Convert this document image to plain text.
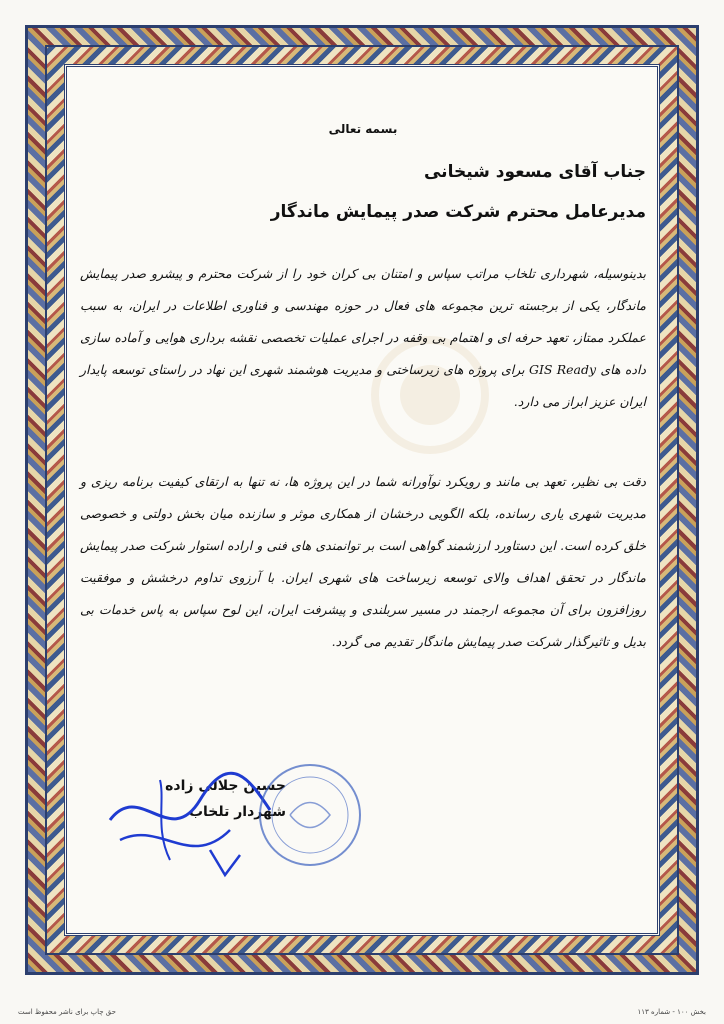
بسمه تعالی
جناب آقای مسعود شیخانی
مدیرعامل محترم شرکت صدر پیمایش ماندگار
بدینوسیله، شهرداری تلخاب مراتب سپاس و امتنان بی کران خود را از شرکت محترم و پیشرو صدر پیمایش ماندگار، یکی از برجسته ترین مجموعه های فعال در حوزه مهندسی و فناوری اطلاعات در ایران، به سبب عملکرد ممتاز، تعهد حرفه ای و اهتمام بی وقفه در اجرای عملیات تخصصی نقشه برداری هوایی و آماده سازی داده های GIS Ready برای پروژه های زیرساختی و مدیریت هوشمند شهری این نهاد در راستای توسعه پایدار ایران عزیز ابراز می دارد.
دقت بی نظیر، تعهد بی مانند و رویکرد نوآورانه شما در این پروژه ها، نه تنها به ارتقای کیفیت برنامه ریزی و مدیریت شهری یاری رسانده، بلکه الگویی درخشان از همکاری موثر و سازنده میان بخش دولتی و خصوصی خلق کرده است. این دستاورد ارزشمند گواهی است بر توانمندی های فنی و اراده استوار شرکت صدر پیمایش ماندگار در تحقق اهداف والای توسعه زیرساخت های شهری ایران. با آرزوی تداوم درخشش و موفقیت روزافزون برای آن مجموعه ارجمند در مسیر سربلندی و پیشرفت ایران، این لوح سپاس به پاس خدمات بی بدیل و تاثیرگذار شرکت صدر پیمایش ماندگار تقدیم می گردد.
حسین جلالی زاده
شهردار تلخاب
حق چاپ برای ناشر محفوظ است	بخش ۱۰۰ - شماره ۱۱۳
